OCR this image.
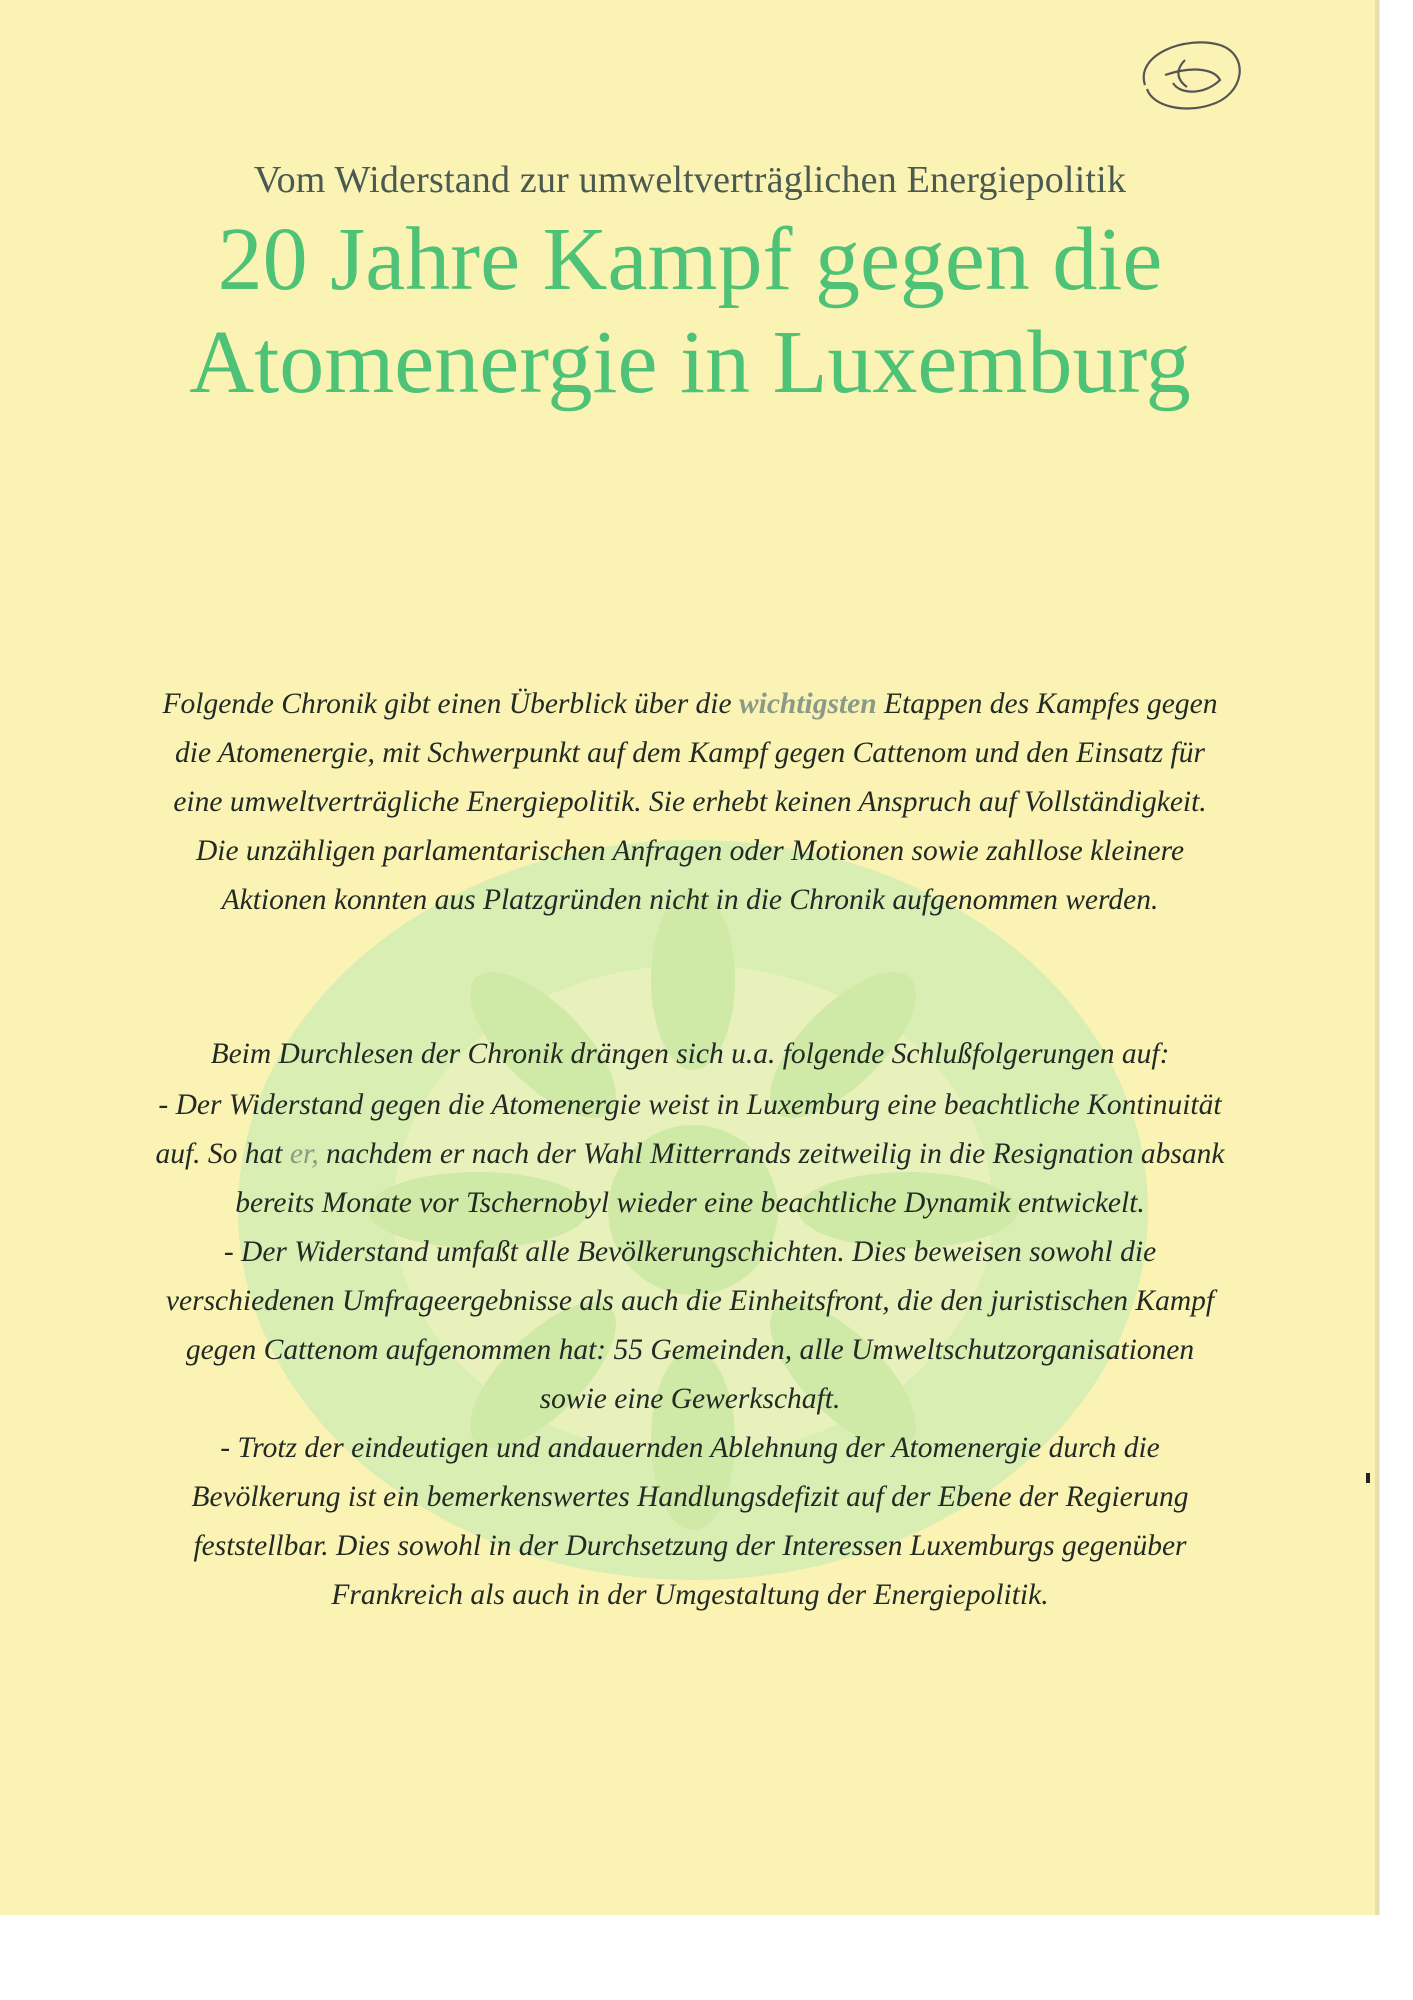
Vom Widerstand zur umweltverträglichen Energiepolitik
20 Jahre Kampf gegen die
Atomenergie in Luxemburg

Folgende Chronik gibt einen Überblick über die wichtigsten Etappen des Kampfes gegen die Atomenergie, mit Schwerpunkt auf dem Kampf gegen Cattenom und den Einsatz für eine umweltverträgliche Energiepolitik. Sie erhebt keinen Anspruch auf Vollständigkeit. Die unzähligen parlamentarischen Anfragen oder Motionen sowie zahllose kleinere Aktionen konnten aus Platzgründen nicht in die Chronik aufgenommen werden.

Beim Durchlesen der Chronik drängen sich u.a. folgende Schlußfolgerungen auf:

- Der Widerstand gegen die Atomenergie weist in Luxemburg eine beachtliche Kontinuität auf. So hat er, nachdem er nach der Wahl Mitterrands zeitweilig in die Resignation absank bereits Monate vor Tschernobyl wieder eine beachtliche Dynamik entwickelt.

- Der Widerstand umfaßt alle Bevölkerungschichten. Dies beweisen sowohl die verschiedenen Umfrageergebnisse als auch die Einheitsfront, die den juristischen Kampf gegen Cattenom aufgenommen hat: 55 Gemeinden, alle Umweltschutzorganisationen sowie eine Gewerkschaft.

- Trotz der eindeutigen und andauernden Ablehnung der Atomenergie durch die Bevölkerung ist ein bemerkenswertes Handlungsdefizit auf der Ebene der Regierung feststellbar. Dies sowohl in der Durchsetzung der Interessen Luxemburgs gegenüber Frankreich als auch in der Umgestaltung der Energiepolitik.
